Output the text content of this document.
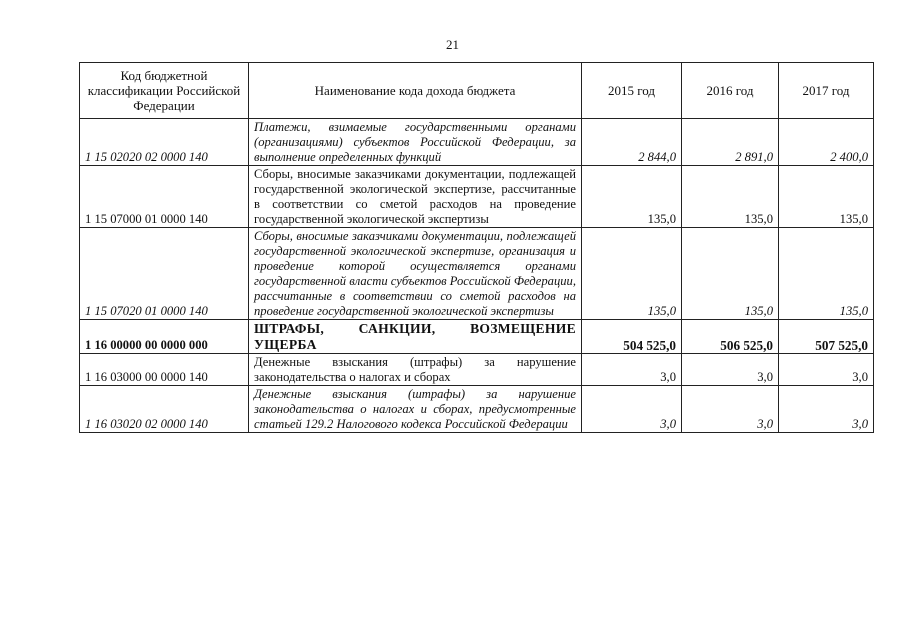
21
Код бюджетной классификации Российской Федерации	Наименование кода дохода бюджета	2015 год	2016 год	2017 год
1 15 02020 02 0000 140	Платежи, взимаемые государственными органами (организациями) субъектов Российской Федерации, за выполнение определенных функций	2 844,0	2 891,0	2 400,0
1 15 07000 01 0000 140	Сборы, вносимые заказчиками документации, подлежащей государственной экологической экспертизе, рассчитанные в соответствии со сметой расходов на проведение государственной экологической экспертизы	135,0	135,0	135,0
1 15 07020 01 0000 140	Сборы, вносимые заказчиками документации, подлежащей государственной экологической экспертизе, организация и проведение которой осуществляется органами государственной власти субъектов Российской Федерации, рассчитанные в соответствии со сметой расходов на проведение государственной экологической экспертизы	135,0	135,0	135,0
1 16 00000 00 0000 000	ШТРАФЫ, САНКЦИИ, ВОЗМЕЩЕНИЕ УЩЕРБА	504 525,0	506 525,0	507 525,0
1 16 03000 00 0000 140	Денежные взыскания (штрафы) за нарушение законодательства о налогах и сборах	3,0	3,0	3,0
1 16 03020 02 0000 140	Денежные взыскания (штрафы) за нарушение законодательства о налогах и сборах, предусмотренные статьей 129.2 Налогового кодекса Российской Федерации	3,0	3,0	3,0
